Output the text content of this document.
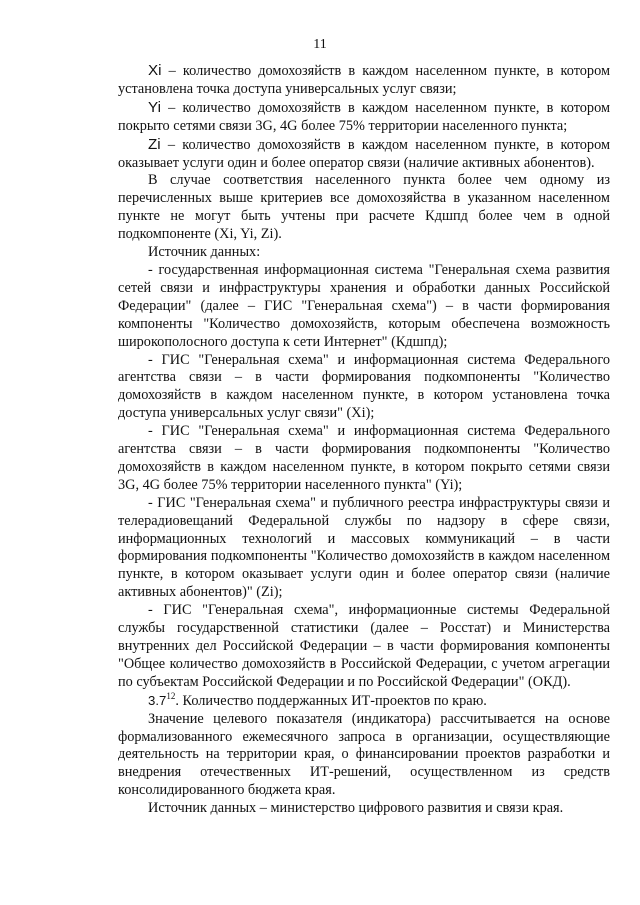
11

Xi – количество домохозяйств в каждом населенном пункте, в котором установлена точка доступа универсальных услуг связи;

Yi – количество домохозяйств в каждом населенном пункте, в котором покрыто сетями связи 3G, 4G более 75% территории населенного пункта;

Zi – количество домохозяйств в каждом населенном пункте, в котором оказывает услуги один и более оператор связи (наличие активных абонентов).

В случае соответствия населенного пункта более чем одному из перечисленных выше критериев все домохозяйства в указанном населенном пункте не могут быть учтены при расчете Кдшпд более чем в одной подкомпоненте (Xi, Yi, Zi).

Источник данных:

- государственная информационная система "Генеральная схема развития сетей связи и инфраструктуры хранения и обработки данных Российской Федерации" (далее – ГИС "Генеральная схема") – в части формирования компоненты "Количество домохозяйств, которым обеспечена возможность широкополосного доступа к сети Интернет" (Кдшпд);

- ГИС "Генеральная схема" и информационная система Федерального агентства связи – в части формирования подкомпоненты "Количество домохозяйств в каждом населенном пункте, в котором установлена точка доступа универсальных услуг связи" (Xi);

- ГИС "Генеральная схема" и информационная система Федерального агентства связи – в части формирования подкомпоненты "Количество домохозяйств в каждом населенном пункте, в котором покрыто сетями связи 3G, 4G более 75% территории населенного пункта" (Yi);

- ГИС "Генеральная схема" и публичного реестра инфраструктуры связи и телерадиовещаний Федеральной службы по надзору в сфере связи, информационных технологий и массовых коммуникаций – в части формирования подкомпоненты "Количество домохозяйств в каждом населенном пункте, в котором оказывает услуги один и более оператор связи (наличие активных абонентов)" (Zi);

- ГИС "Генеральная схема", информационные системы Федеральной службы государственной статистики (далее – Росстат) и Министерства внутренних дел Российской Федерации – в части формирования компоненты "Общее количество домохозяйств в Российской Федерации, с учетом агрегации по субъектам Российской Федерации и по Российской Федерации" (ОКД).

$3.7^{12}$. Количество поддержанных ИТ-проектов по краю.

Значение целевого показателя (индикатора) рассчитывается на основе формализованного ежемесячного запроса в организации, осуществляющие деятельность на территории края, о финансировании проектов разработки и внедрения отечественных ИТ-решений, осуществленном из средств консолидированного бюджета края.

Источник данных – министерство цифрового развития и связи края.
